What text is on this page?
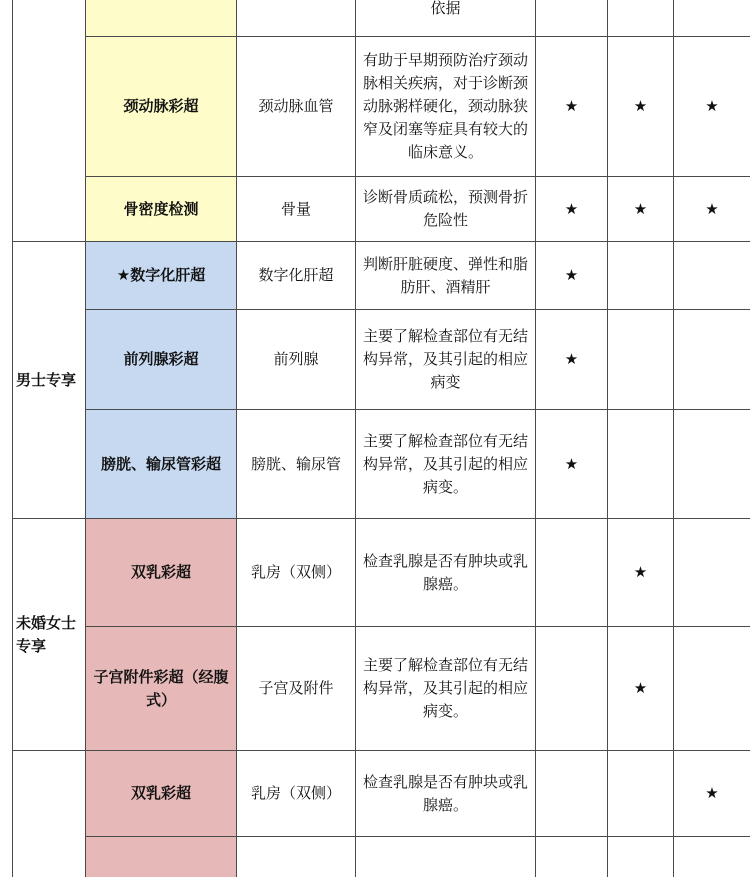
			依据			
	颈动脉彩超	颈动脉血管	有助于早期预防治疗颈动脉相关疾病，对于诊断颈动脉粥样硬化，颈动脉狭窄及闭塞等症具有较大的临床意义。	★	★	★
	骨密度检测	骨量	诊断骨质疏松，预测骨折危险性	★	★	★
男士专享	★数字化肝超	数字化肝超	判断肝脏硬度、弹性和脂肪肝、酒精肝	★		
	前列腺彩超	前列腺	主要了解检查部位有无结构异常，及其引起的相应病变	★		
	膀胱、输尿管彩超	膀胱、输尿管	主要了解检查部位有无结构异常，及其引起的相应病变。	★		
未婚女士专享	双乳彩超	乳房（双侧）	检查乳腺是否有肿块或乳腺癌。		★	
	子宫附件彩超（经腹式）	子宫及附件	主要了解检查部位有无结构异常，及其引起的相应病变。		★	
	双乳彩超	乳房（双侧）	检查乳腺是否有肿块或乳腺癌。			★
